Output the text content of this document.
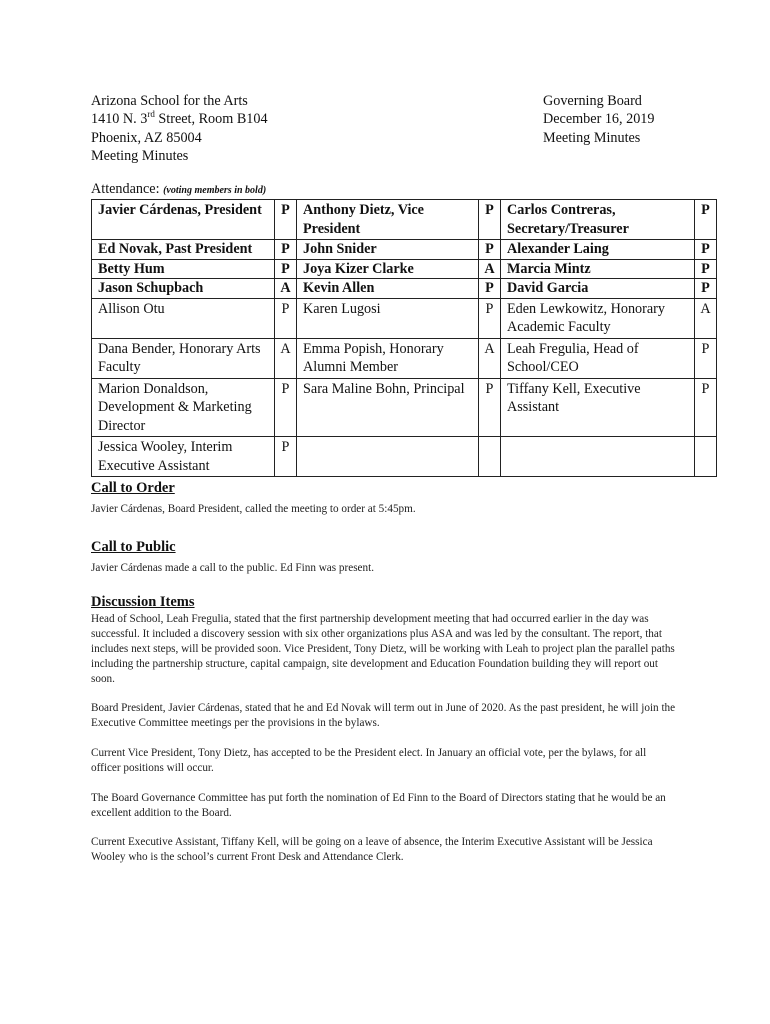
Arizona School for the Arts
1410 N. 3rd Street, Room B104
Phoenix, AZ 85004
Meeting Minutes
Governing Board
December 16, 2019
Meeting Minutes
Attendance: (voting members in bold)
Javier Cárdenas, President	P	Anthony Dietz, Vice President	P	Carlos Contreras, Secretary/Treasurer	P
Ed Novak, Past President	P	John Snider	P	Alexander Laing	P
Betty Hum	P	Joya Kizer Clarke	A	Marcia Mintz	P
Jason Schupbach	A	Kevin Allen	P	David Garcia	P
Allison Otu	P	Karen Lugosi	P	Eden Lewkowitz, Honorary Academic Faculty	A
Dana Bender, Honorary Arts Faculty	A	Emma Popish, Honorary Alumni Member	A	Leah Fregulia, Head of School/CEO	P
Marion Donaldson, Development & Marketing Director	P	Sara Maline Bohn, Principal	P	Tiffany Kell, Executive Assistant	P
Jessica Wooley, Interim Executive Assistant	P				
Call to Order
Javier Cárdenas, Board President, called the meeting to order at 5:45pm.
Call to Public
Javier Cárdenas made a call to the public. Ed Finn was present.
Discussion Items
Head of School, Leah Fregulia, stated that the first partnership development meeting that had occurred earlier in the day was successful. It included a discovery session with six other organizations plus ASA and was led by the consultant. The report, that includes next steps, will be provided soon. Vice President, Tony Dietz, will be working with Leah to project plan the parallel paths including the partnership structure, capital campaign, site development and Education Foundation building they will report out soon.
Board President, Javier Cárdenas, stated that he and Ed Novak will term out in June of 2020. As the past president, he will join the Executive Committee meetings per the provisions in the bylaws.
Current Vice President, Tony Dietz, has accepted to be the President elect. In January an official vote, per the bylaws, for all officer positions will occur.
The Board Governance Committee has put forth the nomination of Ed Finn to the Board of Directors stating that he would be an excellent addition to the Board.
Current Executive Assistant, Tiffany Kell, will be going on a leave of absence, the Interim Executive Assistant will be Jessica Wooley who is the school’s current Front Desk and Attendance Clerk.
